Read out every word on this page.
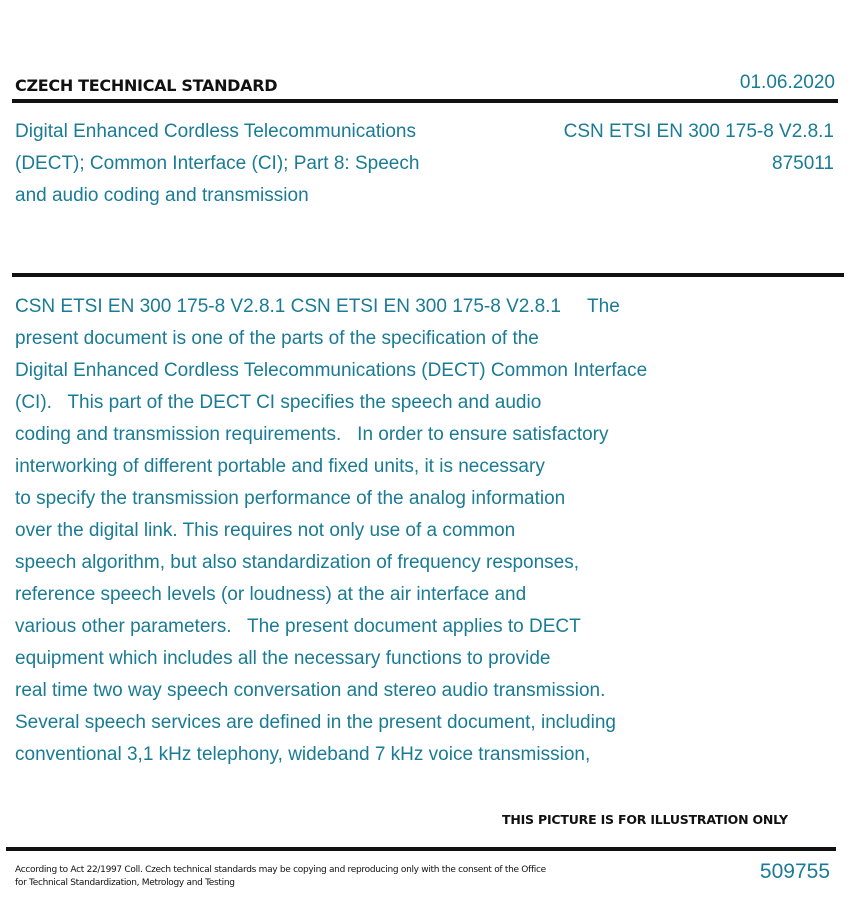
CZECH TECHNICAL STANDARD	01.06.2020
Digital Enhanced Cordless Telecommunications
(DECT); Common Interface (CI); Part 8: Speech
and audio coding and transmission
CSN ETSI EN 300 175-8 V2.8.1
875011
CSN ETSI EN 300 175-8 V2.8.1 CSN ETSI EN 300 175-8 V2.8.1     The
present document is one of the parts of the specification of the
Digital Enhanced Cordless Telecommunications (DECT) Common Interface
(CI).   This part of the DECT CI specifies the speech and audio
coding and transmission requirements.   In order to ensure satisfactory
interworking of different portable and fixed units, it is necessary
to specify the transmission performance of the analog information
over the digital link. This requires not only use of a common
speech algorithm, but also standardization of frequency responses,
reference speech levels (or loudness) at the air interface and
various other parameters.   The present document applies to DECT
equipment which includes all the necessary functions to provide
real time two way speech conversation and stereo audio transmission.
Several speech services are defined in the present document, including
conventional 3,1 kHz telephony, wideband 7 kHz voice transmission,
THIS PICTURE IS FOR ILLUSTRATION ONLY
According to Act 22/1997 Coll. Czech technical standards may be copying and reproducing only with the consent of the Office
for Technical Standardization, Metrology and Testing	509755
